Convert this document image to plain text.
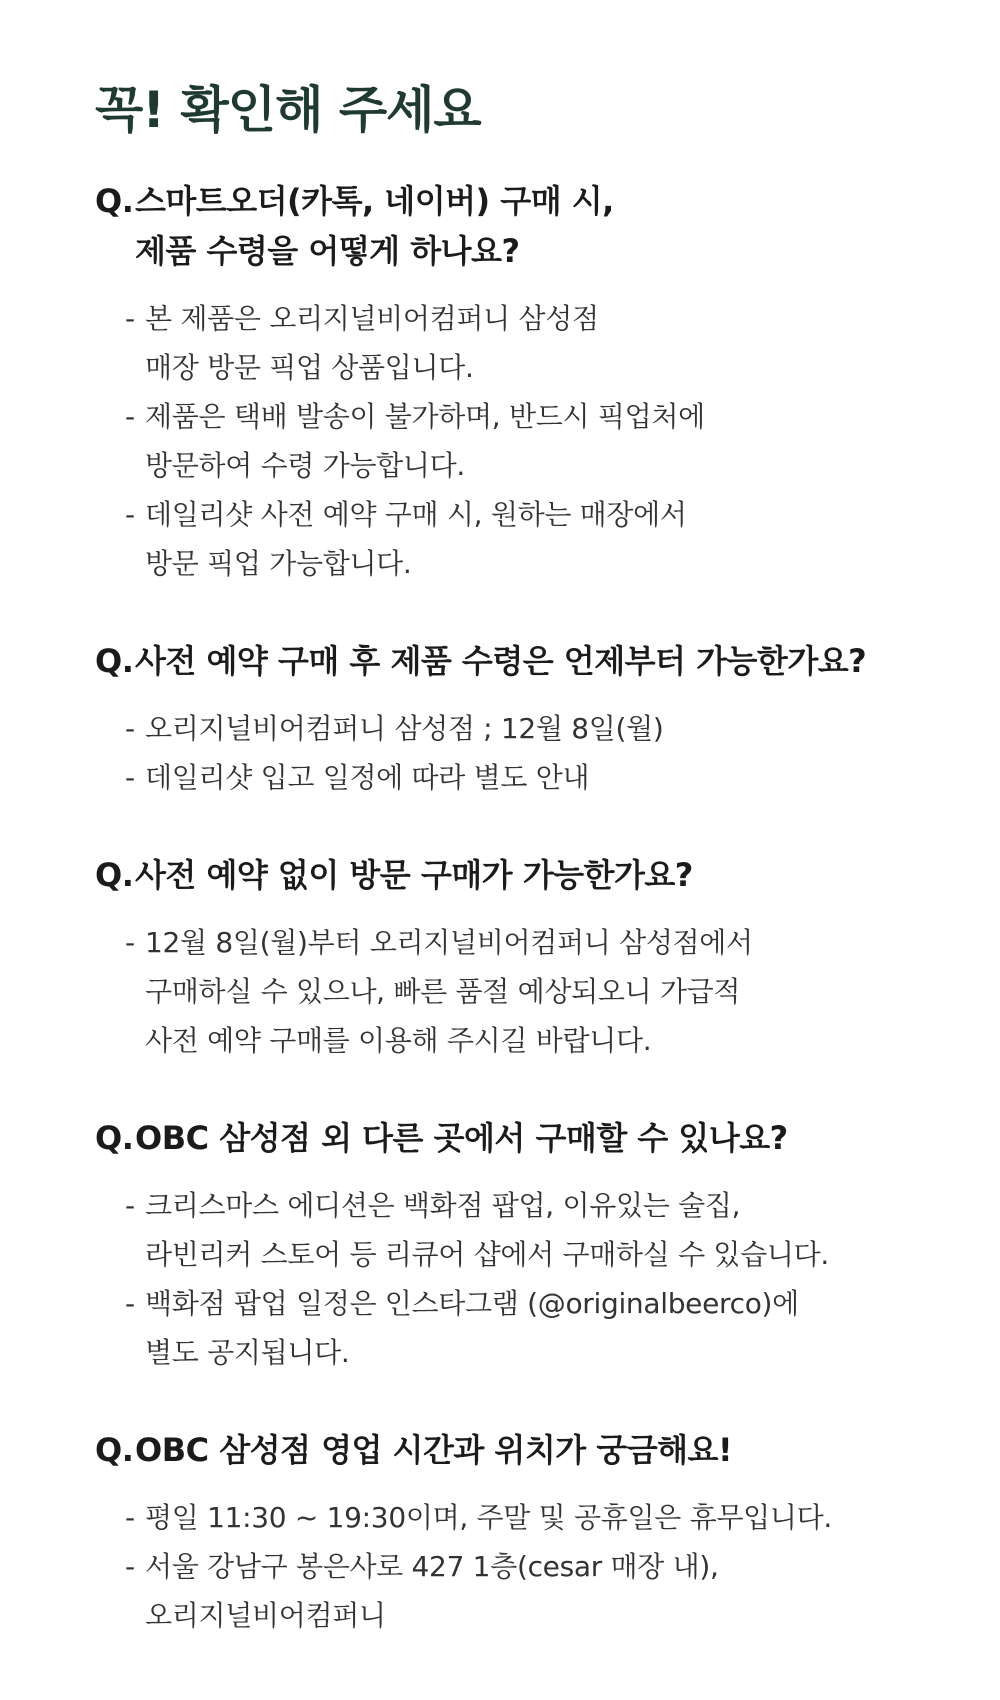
꼭! 확인해 주세요
Q. 스마트오더(카톡, 네이버) 구매 시,
제품 수령을 어떻게 하나요?
- 본 제품은 오리지널비어컴퍼니 삼성점
매장 방문 픽업 상품입니다.
- 제품은 택배 발송이 불가하며, 반드시 픽업처에
방문하여 수령 가능합니다.
- 데일리샷 사전 예약 구매 시, 원하는 매장에서
방문 픽업 가능합니다.
Q. 사전 예약 구매 후 제품 수령은 언제부터 가능한가요?
- 오리지널비어컴퍼니 삼성점 ; 12월 8일(월)
- 데일리샷 입고 일정에 따라 별도 안내
Q. 사전 예약 없이 방문 구매가 가능한가요?
- 12월 8일(월)부터 오리지널비어컴퍼니 삼성점에서
구매하실 수 있으나, 빠른 품절 예상되오니 가급적
사전 예약 구매를 이용해 주시길 바랍니다.
Q. OBC 삼성점 외 다른 곳에서 구매할 수 있나요?
- 크리스마스 에디션은 백화점 팝업, 이유있는 술집,
라빈리커 스토어 등 리큐어 샵에서 구매하실 수 있습니다.
- 백화점 팝업 일정은 인스타그램 (@originalbeerco)에
별도 공지됩니다.
Q. OBC 삼성점 영업 시간과 위치가 궁금해요!
- 평일 11:30 ~ 19:30이며, 주말 및 공휴일은 휴무입니다.
- 서울 강남구 봉은사로 427 1층(cesar 매장 내),
오리지널비어컴퍼니
